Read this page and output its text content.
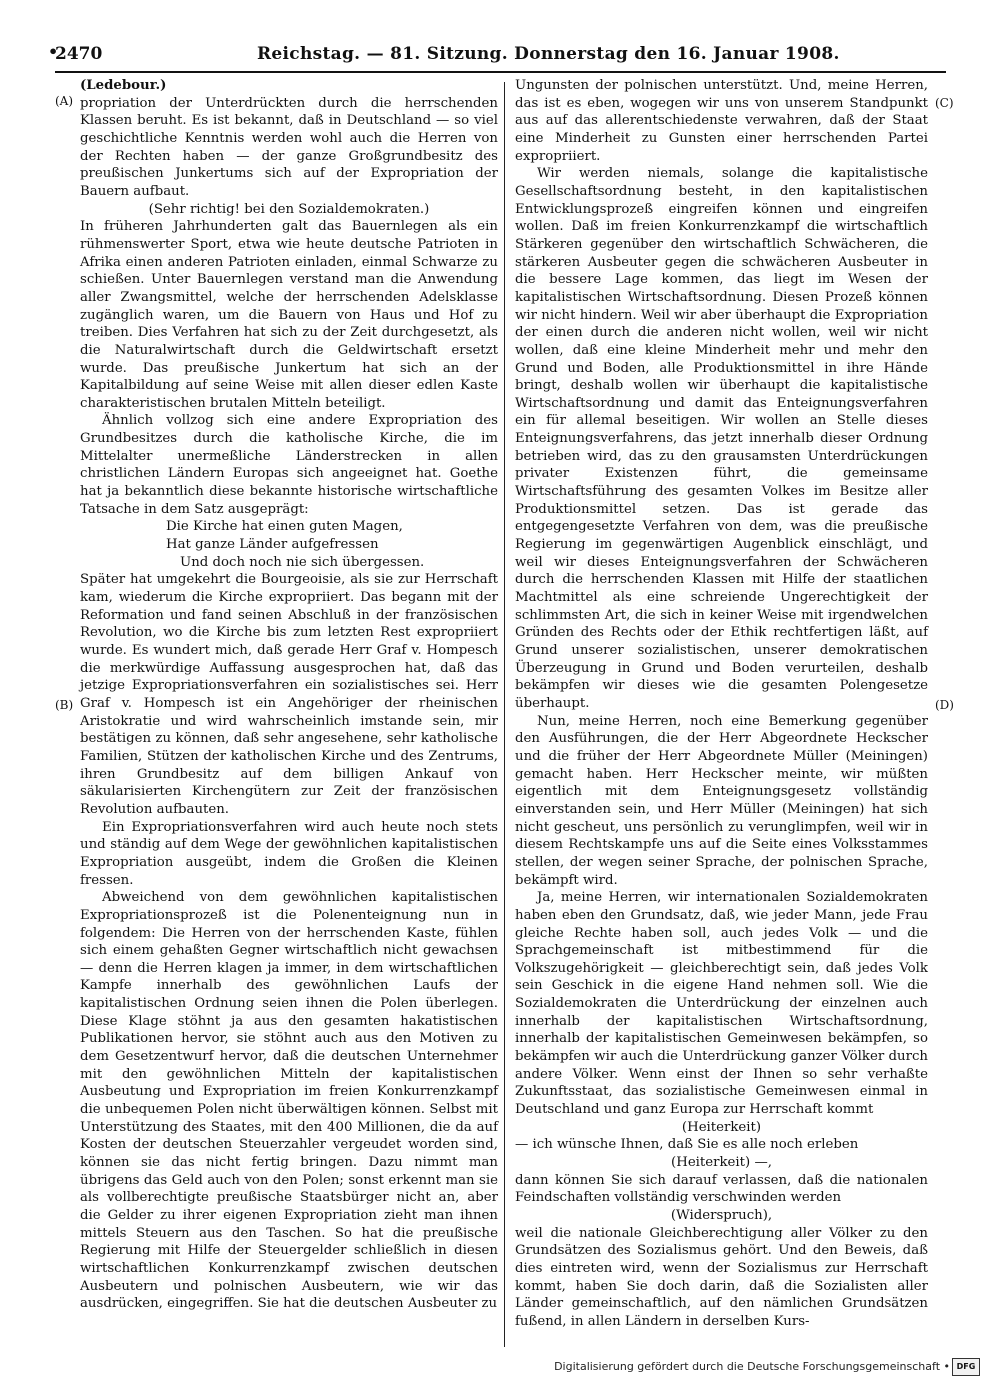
•
2470	Reichstag. — 81. Sitzung. Donnerstag den 16. Januar 1908.
(A)
(B)
(C)
(D)

(Ledebour.)

propriation der Unterdrückten durch die herrschenden Klassen beruht. Es ist bekannt, daß in Deutschland — so viel geschichtliche Kenntnis werden wohl auch die Herren von der Rechten haben — der ganze Großgrundbesitz des preußischen Junkertums sich auf der Expropriation der Bauern aufbaut.

(Sehr richtig! bei den Sozialdemokraten.)

In früheren Jahrhunderten galt das Bauernlegen als ein rühmenswerter Sport, etwa wie heute deutsche Patrioten in Afrika einen anderen Patrioten einladen, einmal Schwarze zu schießen. Unter Bauernlegen verstand man die Anwendung aller Zwangsmittel, welche der herrschenden Adelsklasse zugänglich waren, um die Bauern von Haus und Hof zu treiben. Dies Verfahren hat sich zu der Zeit durchgesetzt, als die Naturalwirtschaft durch die Geldwirtschaft ersetzt wurde. Das preußische Junkertum hat sich an der Kapitalbildung auf seine Weise mit allen dieser edlen Kaste charakteristischen brutalen Mitteln beteiligt.

Ähnlich vollzog sich eine andere Expropriation des Grundbesitzes durch die katholische Kirche, die im Mittelalter unermeßliche Länderstrecken in allen christlichen Ländern Europas sich angeeignet hat. Goethe hat ja bekanntlich diese bekannte historische wirtschaftliche Tatsache in dem Satz ausgeprägt:

Die Kirche hat einen guten Magen,
Hat ganze Länder aufgefressen
Und doch noch nie sich übergessen.

Später hat umgekehrt die Bourgeoisie, als sie zur Herrschaft kam, wiederum die Kirche expropriiert. Das begann mit der Reformation und fand seinen Abschluß in der französischen Revolution, wo die Kirche bis zum letzten Rest expropriiert wurde. Es wundert mich, daß gerade Herr Graf v. Hompesch die merkwürdige Auffassung ausgesprochen hat, daß das jetzige Expropriationsverfahren ein sozialistisches sei. Herr Graf v. Hompesch ist ein Angehöriger der rheinischen Aristokratie und wird wahrscheinlich imstande sein, mir bestätigen zu können, daß sehr angesehene, sehr katholische Familien, Stützen der katholischen Kirche und des Zentrums, ihren Grundbesitz auf dem billigen Ankauf von säkularisierten Kirchengütern zur Zeit der französischen Revolution aufbauten.

Ein Expropriationsverfahren wird auch heute noch stets und ständig auf dem Wege der gewöhnlichen kapitalistischen Expropriation ausgeübt, indem die Großen die Kleinen fressen.

Abweichend von dem gewöhnlichen kapitalistischen Expropriationsprozeß ist die Polenenteignung nun in folgendem: Die Herren von der herrschenden Kaste, fühlen sich einem gehaßten Gegner wirtschaftlich nicht gewachsen — denn die Herren klagen ja immer, in dem wirtschaftlichen Kampfe innerhalb des gewöhnlichen Laufs der kapitalistischen Ordnung seien ihnen die Polen überlegen. Diese Klage stöhnt ja aus den gesamten hakatistischen Publikationen hervor, sie stöhnt auch aus den Motiven zu dem Gesetzentwurf hervor, daß die deutschen Unternehmer mit den gewöhnlichen Mitteln der kapitalistischen Ausbeutung und Expropriation im freien Konkurrenzkampf die unbequemen Polen nicht überwältigen können. Selbst mit Unterstützung des Staates, mit den 400 Millionen, die da auf Kosten der deutschen Steuerzahler vergeudet worden sind, können sie das nicht fertig bringen. Dazu nimmt man übrigens das Geld auch von den Polen; sonst erkennt man sie als vollberechtigte preußische Staatsbürger nicht an, aber die Gelder zu ihrer eigenen Expropriation zieht man ihnen mittels Steuern aus den Taschen. So hat die preußische Regierung mit Hilfe der Steuergelder schließlich in diesen wirtschaftlichen Konkurrenzkampf zwischen deutschen Ausbeutern und polnischen Ausbeutern, wie wir das ausdrücken, eingegriffen. Sie hat die deutschen Ausbeuter zu

Ungunsten der polnischen unterstützt. Und, meine Herren, das ist es eben, wogegen wir uns von unserem Standpunkt aus auf das allerentschiedenste verwahren, daß der Staat eine Minderheit zu Gunsten einer herrschenden Partei expropriiert.

Wir werden niemals, solange die kapitalistische Gesellschaftsordnung besteht, in den kapitalistischen Entwicklungsprozeß eingreifen können und eingreifen wollen. Daß im freien Konkurrenzkampf die wirtschaftlich Stärkeren gegenüber den wirtschaftlich Schwächeren, die stärkeren Ausbeuter gegen die schwächeren Ausbeuter in die bessere Lage kommen, das liegt im Wesen der kapitalistischen Wirtschaftsordnung. Diesen Prozeß können wir nicht hindern. Weil wir aber überhaupt die Expropriation der einen durch die anderen nicht wollen, weil wir nicht wollen, daß eine kleine Minderheit mehr und mehr den Grund und Boden, alle Produktionsmittel in ihre Hände bringt, deshalb wollen wir überhaupt die kapitalistische Wirtschaftsordnung und damit das Enteignungsverfahren ein für allemal beseitigen. Wir wollen an Stelle dieses Enteignungsverfahrens, das jetzt innerhalb dieser Ordnung betrieben wird, das zu den grausamsten Unterdrückungen privater Existenzen führt, die gemeinsame Wirtschaftsführung des gesamten Volkes im Besitze aller Produktionsmittel setzen. Das ist gerade das entgegengesetzte Verfahren von dem, was die preußische Regierung im gegenwärtigen Augenblick einschlägt, und weil wir dieses Enteignungsverfahren der Schwächeren durch die herrschenden Klassen mit Hilfe der staatlichen Machtmittel als eine schreiende Ungerechtigkeit der schlimmsten Art, die sich in keiner Weise mit irgendwelchen Gründen des Rechts oder der Ethik rechtfertigen läßt, auf Grund unserer sozialistischen, unserer demokratischen Überzeugung in Grund und Boden verurteilen, deshalb bekämpfen wir dieses wie die gesamten Polengesetze überhaupt.

Nun, meine Herren, noch eine Bemerkung gegenüber den Ausführungen, die der Herr Abgeordnete Heckscher und die früher der Herr Abgeordnete Müller (Meiningen) gemacht haben. Herr Heckscher meinte, wir müßten eigentlich mit dem Enteignungsgesetz vollständig einverstanden sein, und Herr Müller (Meiningen) hat sich nicht gescheut, uns persönlich zu verunglimpfen, weil wir in diesem Rechtskampfe uns auf die Seite eines Volksstammes stellen, der wegen seiner Sprache, der polnischen Sprache, bekämpft wird.

Ja, meine Herren, wir internationalen Sozialdemokraten haben eben den Grundsatz, daß, wie jeder Mann, jede Frau gleiche Rechte haben soll, auch jedes Volk — und die Sprachgemeinschaft ist mitbestimmend für die Volkszugehörigkeit — gleichberechtigt sein, daß jedes Volk sein Geschick in die eigene Hand nehmen soll. Wie die Sozialdemokraten die Unterdrückung der einzelnen auch innerhalb der kapitalistischen Wirtschaftsordnung, innerhalb der kapitalistischen Gemeinwesen bekämpfen, so bekämpfen wir auch die Unterdrückung ganzer Völker durch andere Völker. Wenn einst der Ihnen so sehr verhaßte Zukunftsstaat, das sozialistische Gemeinwesen einmal in Deutschland und ganz Europa zur Herrschaft kommt

(Heiterkeit)

— ich wünsche Ihnen, daß Sie es alle noch erleben

(Heiterkeit) —,

dann können Sie sich darauf verlassen, daß die nationalen Feindschaften vollständig verschwinden werden

(Widerspruch),

weil die nationale Gleichberechtigung aller Völker zu den Grundsätzen des Sozialismus gehört. Und den Beweis, daß dies eintreten wird, wenn der Sozialismus zur Herrschaft kommt, haben Sie doch darin, daß die Sozialisten aller Länder gemeinschaftlich, auf den nämlichen Grundsätzen fußend, in allen Ländern in derselben Kurs-

Digitalisierung gefördert durch die Deutsche Forschungsgemeinschaft • DFG
